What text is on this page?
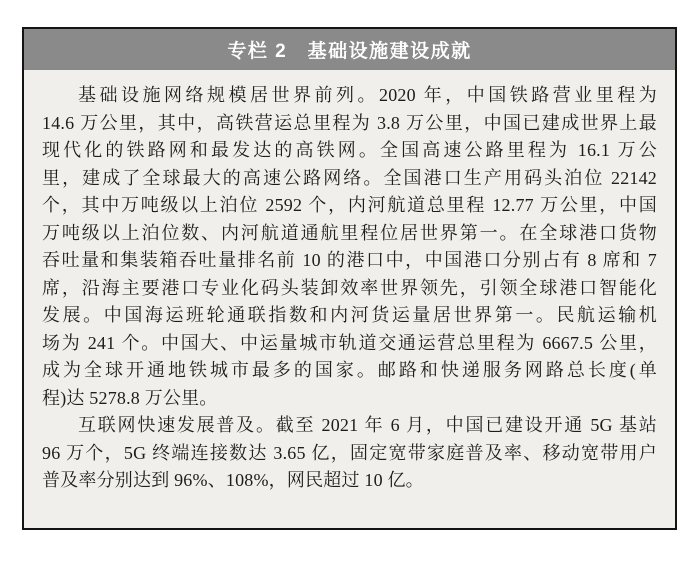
专栏 2　基础设施建设成就
基础设施网络规模居世界前列。2020 年，中国铁路营业里程为
14.6 万公里，其中，高铁营运总里程为 3.8 万公里，中国已建成世界上最
现代化的铁路网和最发达的高铁网。全国高速公路里程为 16.1 万公
里，建成了全球最大的高速公路网络。全国港口生产用码头泊位 22142
个，其中万吨级以上泊位 2592 个，内河航道总里程 12.77 万公里，中国
万吨级以上泊位数、内河航道通航里程位居世界第一。在全球港口货物
吞吐量和集装箱吞吐量排名前 10 的港口中，中国港口分别占有 8 席和 7
席，沿海主要港口专业化码头装卸效率世界领先，引领全球港口智能化
发展。中国海运班轮通联指数和内河货运量居世界第一。民航运输机
场为 241 个。中国大、中运量城市轨道交通运营总里程为 6667.5 公里，
成为全球开通地铁城市最多的国家。邮路和快递服务网路总长度(单
程)达 5278.8 万公里。
互联网快速发展普及。截至 2021 年 6 月，中国已建设开通 5G 基站
96 万个，5G 终端连接数达 3.65 亿，固定宽带家庭普及率、移动宽带用户
普及率分别达到 96%、108%，网民超过 10 亿。
